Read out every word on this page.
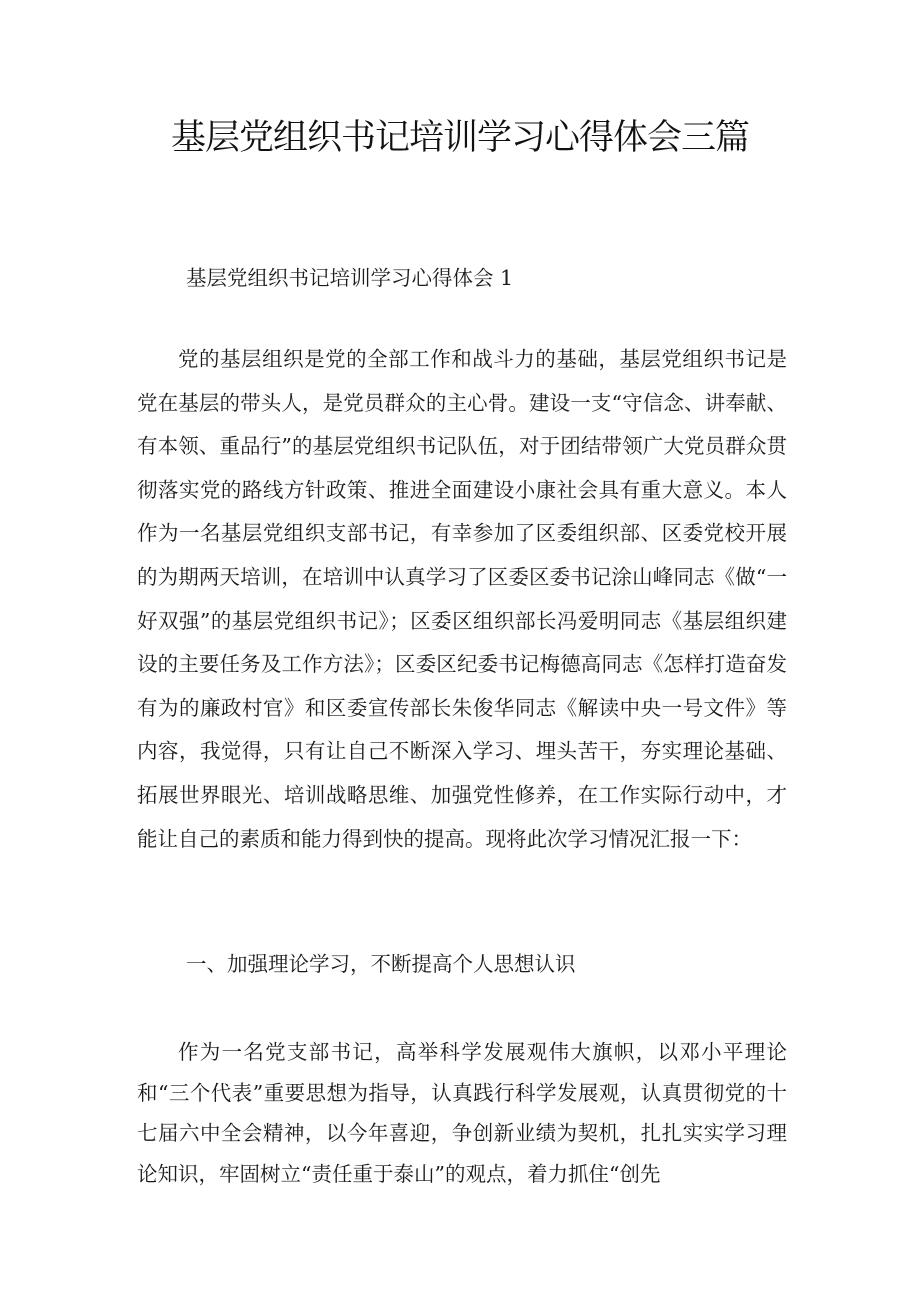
基层党组织书记培训学习心得体会三篇

基层党组织书记培训学习心得体会 1

党的基层组织是党的全部工作和战斗力的基础，基层党组织书记是党在基层的带头人，是党员群众的主心骨。建设一支“守信念、讲奉献、有本领、重品行”的基层党组织书记队伍，对于团结带领广大党员群众贯彻落实党的路线方针政策、推进全面建设小康社会具有重大意义。本人作为一名基层党组织支部书记，有幸参加了区委组织部、区委党校开展的为期两天培训，在培训中认真学习了区委区委书记涂山峰同志《做“一好双强”的基层党组织书记》；区委区组织部长冯爱明同志《基层组织建设的主要任务及工作方法》；区委区纪委书记梅德高同志《怎样打造奋发有为的廉政村官》和区委宣传部长朱俊华同志《解读中央一号文件》等内容，我觉得，只有让自己不断深入学习、埋头苦干，夯实理论基础、拓展世界眼光、培训战略思维、加强党性修养，在工作实际行动中，才能让自己的素质和能力得到快的提高。现将此次学习情况汇报一下：

一、加强理论学习，不断提高个人思想认识

作为一名党支部书记，高举科学发展观伟大旗帜，以邓小平理论和“三个代表”重要思想为指导，认真践行科学发展观，认真贯彻党的十七届六中全会精神，以今年喜迎，争创新业绩为契机，扎扎实实学习理论知识，牢固树立“责任重于泰山”的观点，着力抓住“创先
